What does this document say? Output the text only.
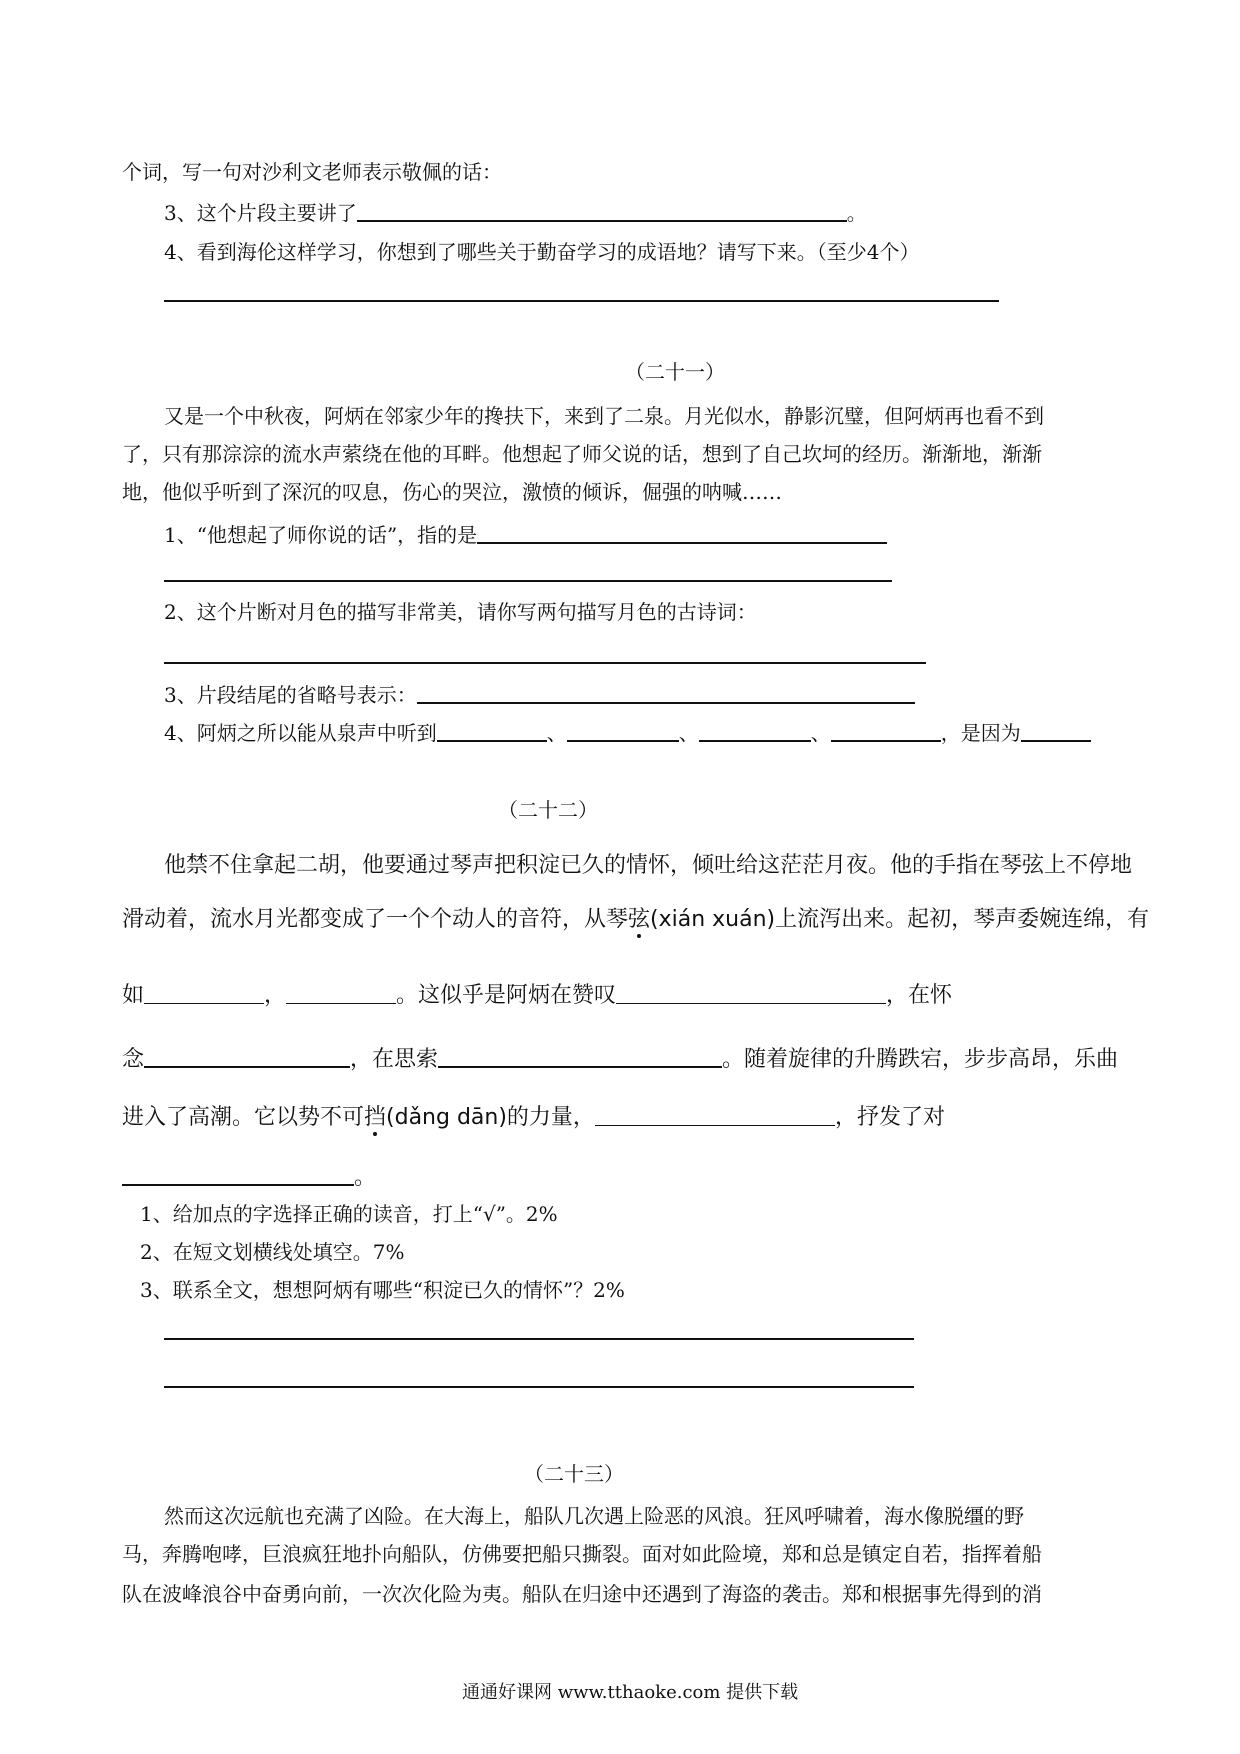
个词，写一句对沙利文老师表示敬佩的话：
3、这个片段主要讲了	。
4、看到海伦这样学习，你想到了哪些关于勤奋学习的成语地？请写下来。（至少4个）
（二十一）
又是一个中秋夜，阿炳在邻家少年的搀扶下，来到了二泉。月光似水，静影沉璧，但阿炳再也看不到
了，只有那淙淙的流水声萦绕在他的耳畔。他想起了师父说的话，想到了自己坎坷的经历。渐渐地，渐渐
地，他似乎听到了深沉的叹息，伤心的哭泣，激愤的倾诉，倔强的呐喊……
1、“他想起了师你说的话”，指的是
2、这个片断对月色的描写非常美，请你写两句描写月色的古诗词：
3、片段结尾的省略号表示：
4、阿炳之所以能从泉声中听到	、	、	、	，是因为
（二十二）
他禁不住拿起二胡，他要通过琴声把积淀已久的情怀，倾吐给这茫茫月夜。他的手指在琴弦上不停地
滑动着，流水月光都变成了一个个动人的音符，从琴弦(xián xuán)上流泻出来。起初，琴声委婉连绵，有
如	，	。这似乎是阿炳在赞叹	，在怀
念	，在思索	。随着旋律的升腾跌宕，步步高昂，乐曲
进入了高潮。它以势不可挡(dǎng dān)的力量，	，抒发了对
。
1、给加点的字选择正确的读音，打上“√”。2%
2、在短文划横线处填空。7%
3、联系全文，想想阿炳有哪些“积淀已久的情怀”？2%
（二十三）
然而这次远航也充满了凶险。在大海上，船队几次遇上险恶的风浪。狂风呼啸着，海水像脱缰的野
马，奔腾咆哮，巨浪疯狂地扑向船队，仿佛要把船只撕裂。面对如此险境，郑和总是镇定自若，指挥着船
队在波峰浪谷中奋勇向前，一次次化险为夷。船队在归途中还遇到了海盗的袭击。郑和根据事先得到的消
通通好课网 www.tthaoke.com 提供下载
